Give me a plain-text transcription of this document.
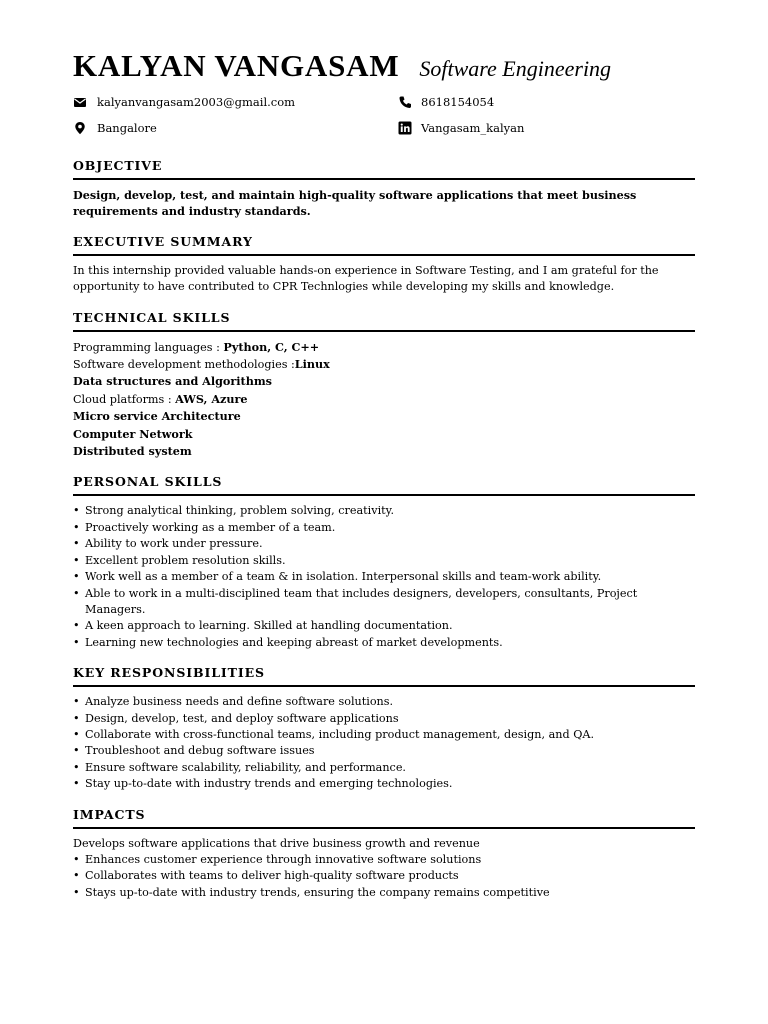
KALYAN VANGASAM Software Engineering
kalyanvangasam2003@gmail.com	8618154054
Bangalore	Vangasam_kalyan
OBJECTIVE
Design, develop, test, and maintain high-quality software applications that meet business requirements and industry standards.
EXECUTIVE SUMMARY
In this internship provided valuable hands-on experience in Software Testing, and I am grateful for the opportunity to have contributed to CPR Technlogies while developing my skills and knowledge.
TECHNICAL SKILLS
Programming languages : Python, C, C++
Software development methodologies :Linux
Data structures and Algorithms
Cloud platforms : AWS, Azure
Micro service Architecture
Computer Network
Distributed system
PERSONAL SKILLS
• Strong analytical thinking, problem solving, creativity.
• Proactively working as a member of a team.
• Ability to work under pressure.
• Excellent problem resolution skills.
• Work well as a member of a team & in isolation. Interpersonal skills and team-work ability.
• Able to work in a multi-disciplined team that includes designers, developers, consultants, Project Managers.
• A keen approach to learning. Skilled at handling documentation.
• Learning new technologies and keeping abreast of market developments.
KEY RESPONSIBILITIES
• Analyze business needs and define software solutions.
• Design, develop, test, and deploy software applications
• Collaborate with cross-functional teams, including product management, design, and QA.
• Troubleshoot and debug software issues
• Ensure software scalability, reliability, and performance.
• Stay up-to-date with industry trends and emerging technologies.
IMPACTS
Develops software applications that drive business growth and revenue
• Enhances customer experience through innovative software solutions
• Collaborates with teams to deliver high-quality software products
• Stays up-to-date with industry trends, ensuring the company remains competitive
